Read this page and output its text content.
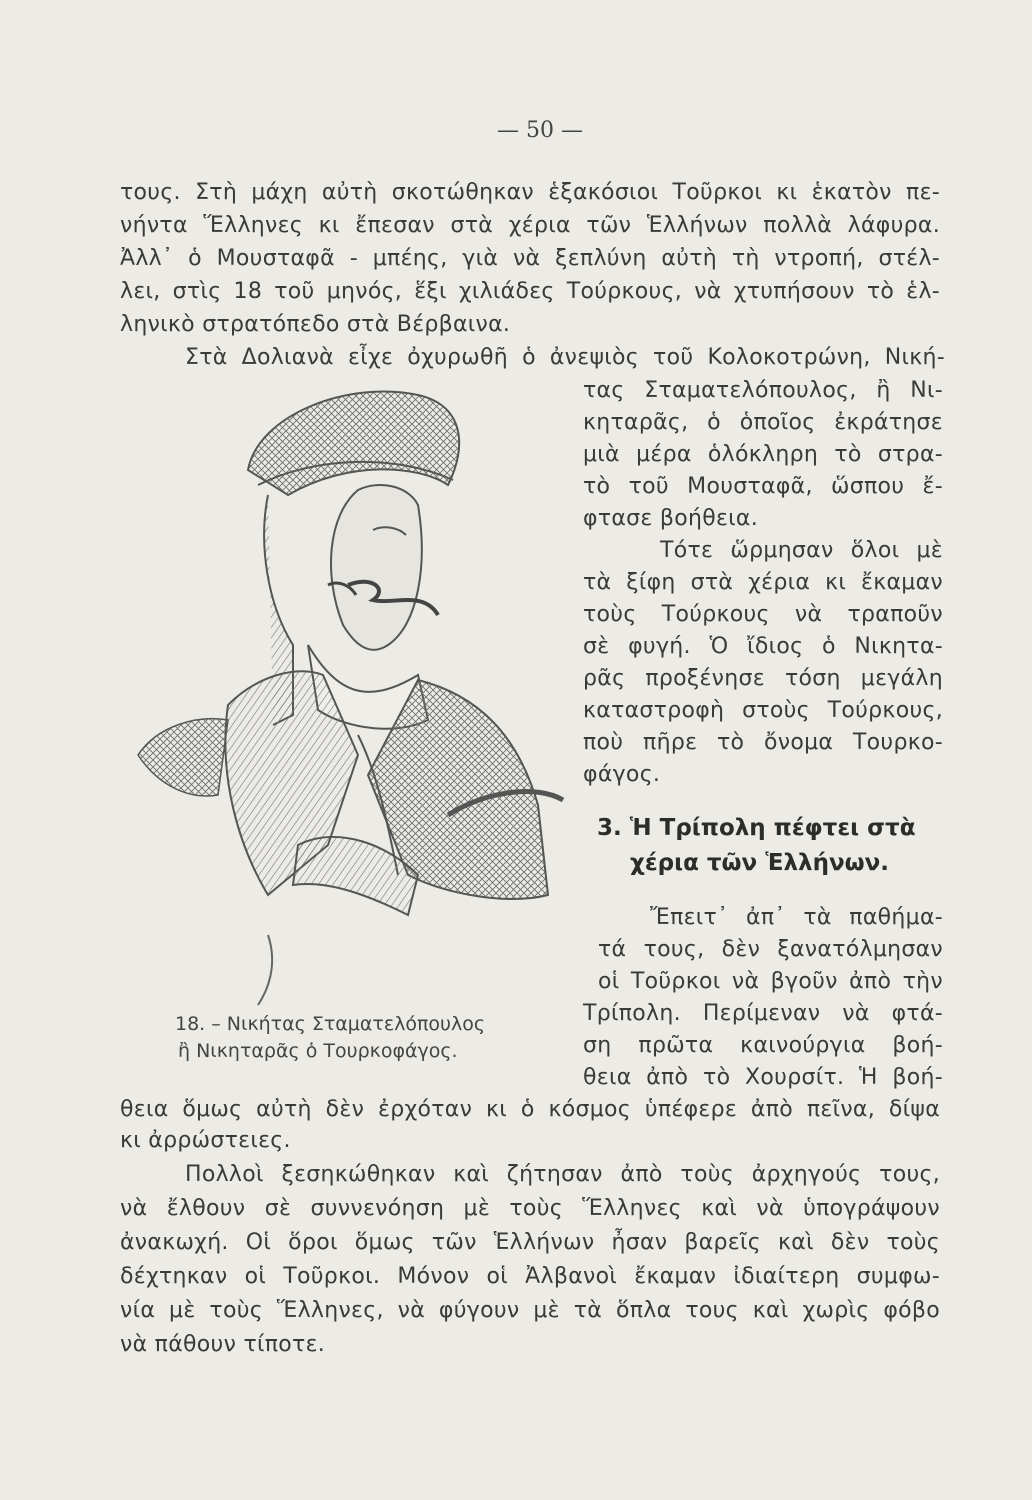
— 50 —
τους. Στὴ μάχη αὐτὴ σκοτώθηκαν ἑξακόσιοι Τοῦρκοι κι ἑκατὸν πε-
νήντα Ἕλληνες κι ἔπεσαν στὰ χέρια τῶν Ἑλλήνων πολλὰ λάφυρα.
Ἀλλ᾽ ὁ Μουσταφᾶ - μπέης, γιὰ νὰ ξεπλύνη αὐτὴ τὴ ντροπή, στέλ-
λει, στὶς 18 τοῦ μηνός, ἕξι χιλιάδες Τούρκους, νὰ χτυπήσουν τὸ ἑλ-
ληνικὸ στρατόπεδο στὰ Βέρβαινα.
Στὰ Δολιανὰ εἶχε ὀχυρωθῆ ὁ ἀνεψιὸς τοῦ Κολοκοτρώνη, Νική-
τας Σταματελόπουλος, ἢ Νι-
κηταρᾶς, ὁ ὁποῖος ἐκράτησε
μιὰ μέρα ὁλόκληρη τὸ στρα-
τὸ τοῦ Μουσταφᾶ, ὥσπου ἔ-
φτασε βοήθεια.
Τότε ὥρμησαν ὅλοι μὲ
τὰ ξίφη στὰ χέρια κι ἔκαμαν
τοὺς Τούρκους νὰ τραποῦν
σὲ φυγή. Ὁ ἴδιος ὁ Νικητα-
ρᾶς προξένησε τόση μεγάλη
καταστροφὴ στοὺς Τούρκους,
ποὺ πῆρε τὸ ὄνομα Τουρκο-
φάγος.
3. Ἡ Τρίπολη πέφτει στὰ
χέρια τῶν Ἑλλήνων.
Ἔπειτ᾽ ἀπ᾽ τὰ παθήμα-
τά τους, δὲν ξανατόλμησαν
οἱ Τοῦρκοι νὰ βγοῦν ἀπὸ τὴν
Τρίπολη. Περίμεναν νὰ φτά-
ση πρῶτα καινούργια βοή-
θεια ἀπὸ τὸ Χουρσίτ. Ἡ βοή-
18. – Νικήτας Σταματελόπουλος
ἢ Νικηταρᾶς ὁ Τουρκοφάγος.
θεια ὅμως αὐτὴ δὲν ἐρχόταν κι ὁ κόσμος ὑπέφερε ἀπὸ πεῖνα, δίψα
κι ἀρρώστειες.
Πολλοὶ ξεσηκώθηκαν καὶ ζήτησαν ἀπὸ τοὺς ἀρχηγούς τους,
νὰ ἔλθουν σὲ συννενόηση μὲ τοὺς Ἕλληνες καὶ νὰ ὑπογράψουν
ἀνακωχή. Οἱ ὅροι ὅμως τῶν Ἑλλήνων ἦσαν βαρεῖς καὶ δὲν τοὺς
δέχτηκαν οἱ Τοῦρκοι. Μόνον οἱ Ἀλβανοὶ ἔκαμαν ἰδιαίτερη συμφω-
νία μὲ τοὺς Ἕλληνες, νὰ φύγουν μὲ τὰ ὅπλα τους καὶ χωρὶς φόβο
νὰ πάθουν τίποτε.
